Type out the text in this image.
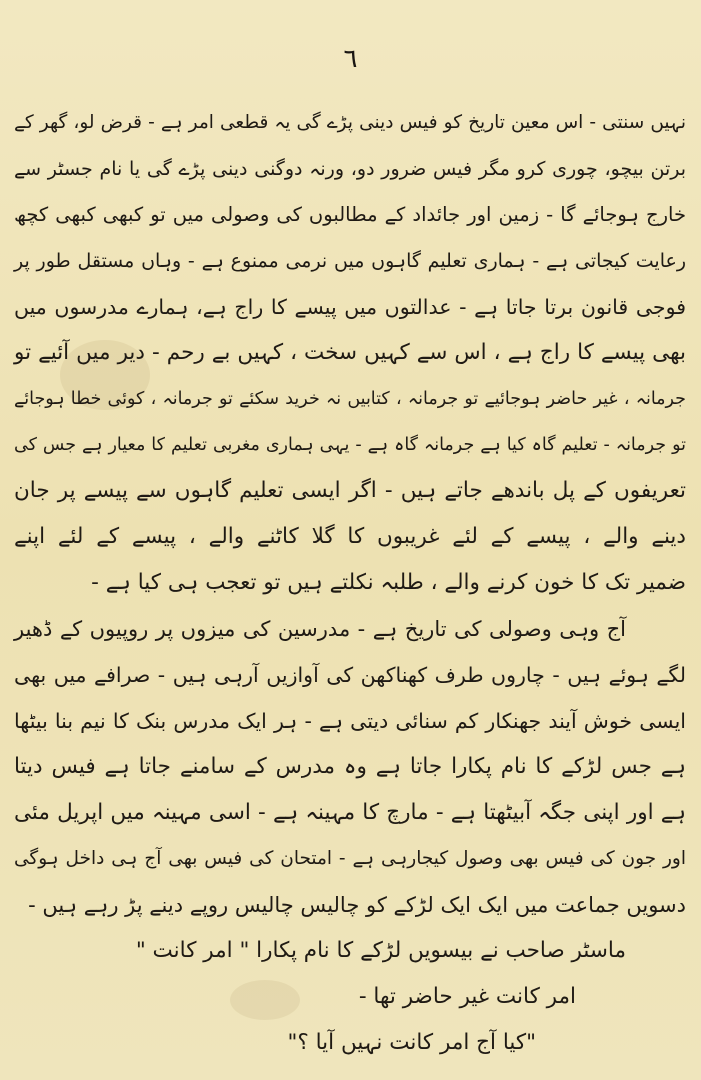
٦
نہیں سنتی - اس معین تاریخ کو فیس دینی پڑے گی یہ قطعی امر ہے - قرض لو، گھر کے
برتن بیچو، چوری کرو مگر فیس ضرور دو، ورنہ دوگنی دینی پڑے گی یا نام جسٹر سے
خارج ہوجائے گا - زمین اور جائداد کے مطالبوں کی وصولی میں تو کبھی کبھی کچھ
رعایت کیجاتی ہے - ہماری تعلیم گاہوں میں نرمی ممنوع ہے - وہاں مستقل طور پر
فوجی قانون برتا جاتا ہے - عدالتوں میں پیسے کا راج ہے، ہمارے مدرسوں میں
بھی پیسے کا راج ہے ، اس سے کہیں سخت ، کہیں بے رحم - دیر میں آئیے تو
جرمانہ ، غیر حاضر ہوجائیے تو جرمانہ ، کتابیں نہ خرید سکئے تو جرمانہ ، کوئی خطا ہوجائے
تو جرمانہ - تعلیم گاہ کیا ہے جرمانہ گاہ ہے - یہی ہماری مغربی تعلیم کا معیار ہے جس کی
تعریفوں کے پل باندھے جاتے ہیں - اگر ایسی تعلیم گاہوں سے پیسے پر جان
دینے والے ، پیسے کے لئے غریبوں کا گلا کاٹنے والے ، پیسے کے لئے اپنے
ضمیر تک کا خون کرنے والے ، طلبہ نکلتے ہیں تو تعجب ہی کیا ہے -
آج وہی وصولی کی تاریخ ہے - مدرسین کی میزوں پر روپیوں کے ڈھیر
لگے ہوئے ہیں - چاروں طرف کھناکھن کی آوازیں آرہی ہیں - صرافے میں بھی
ایسی خوش آیند جھنکار کم سنائی دیتی ہے - ہر ایک مدرس بنک کا نیم بنا بیٹھا
ہے جس لڑکے کا نام پکارا جاتا ہے وہ مدرس کے سامنے جاتا ہے فیس دیتا
ہے اور اپنی جگہ آبیٹھتا ہے - مارچ کا مہینہ ہے - اسی مہینہ میں اپریل مئی
اور جون کی فیس بھی وصول کیجارہی ہے - امتحان کی فیس بھی آج ہی داخل ہوگی
دسویں جماعت میں ایک ایک لڑکے کو چالیس چالیس روپے دینے پڑ رہے ہیں -
ماسٹر صاحب نے بیسویں لڑکے کا نام پکارا " امر کانت "
امر کانت غیر حاضر تھا -
"کیا آج امر کانت نہیں آیا ؟"
